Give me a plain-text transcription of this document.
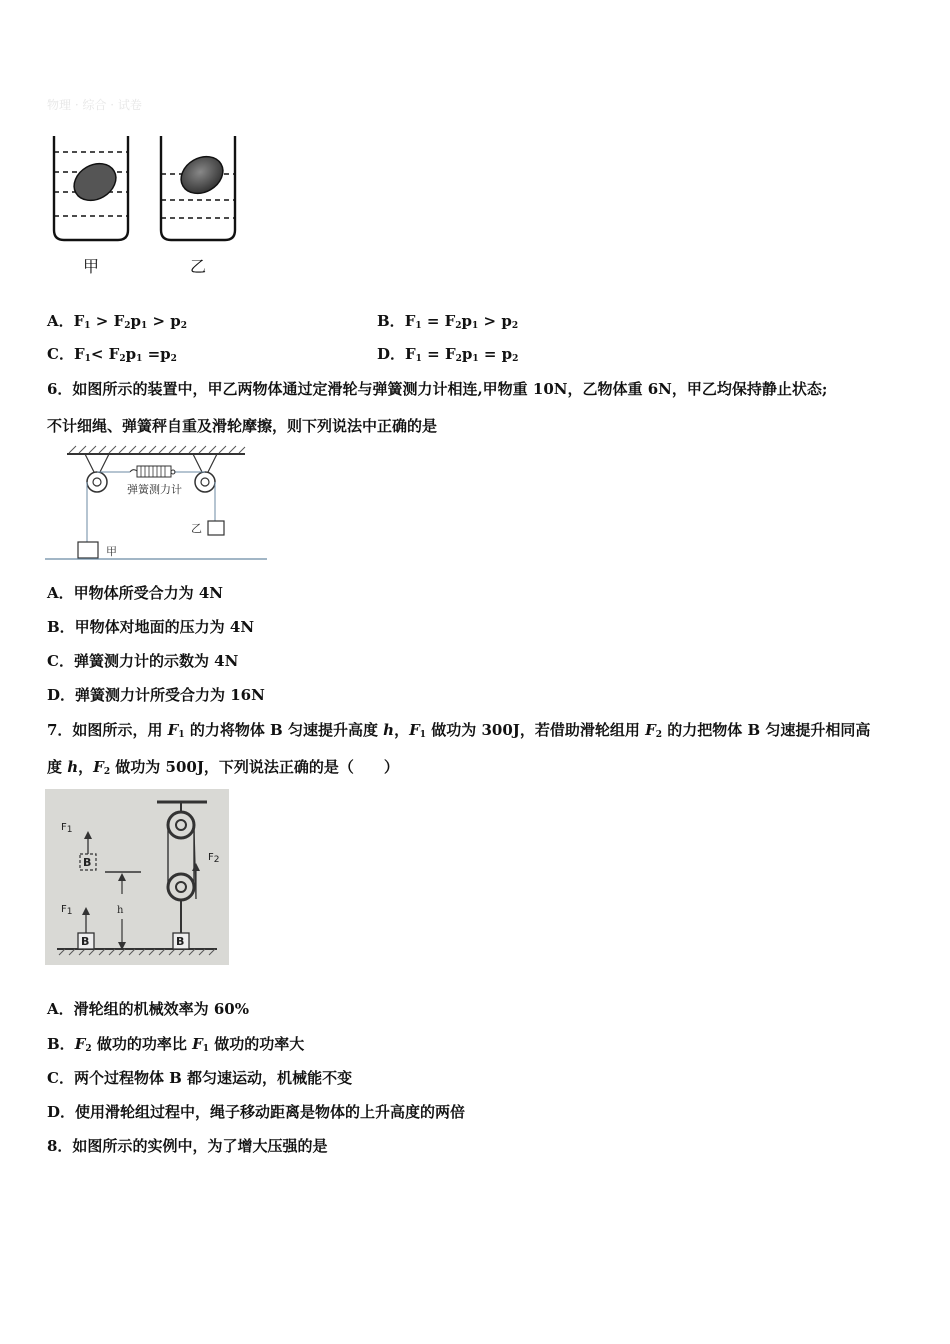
物理 · 综合 · 试卷
甲	乙
A．$F_1 > F_2p_1 > p_2$	B．$F_1 = F_2p_1 > p_2$
C．$F_1< F_2p_1 =p_2$	D．$F_1 = F_2p_1 = p_2$
6．如图所示的装置中，甲乙两物体通过定滑轮与弹簧测力计相连,甲物重 10N，乙物体重 6N，甲乙均保持静止状态;
不计细绳、弹簧秤自重及滑轮摩擦，则下列说法中正确的是
弹簧测力计
甲
乙
A．甲物体所受合力为 4N
B．甲物体对地面的压力为 4N
C．弹簧测力计的示数为 4N
D．弹簧测力计所受合力为 16N
7．如图所示，用 $F_1$ 的力将物体 B 匀速提升高度 h，$F_1$ 做功为 300J，若借助滑轮组用 $F_2$ 的力把物体 B 匀速提升相同高
度 h，$F_2$ 做功为 500J，下列说法正确的是（　　）
$F_1$
$F_1$
$F_2$
h
B
B	B
A．滑轮组的机械效率为 60%
B．$F_2$ 做功的功率比 $F_1$ 做功的功率大
C．两个过程物体 B 都匀速运动，机械能不变
D．使用滑轮组过程中，绳子移动距离是物体的上升高度的两倍
8．如图所示的实例中，为了增大压强的是
